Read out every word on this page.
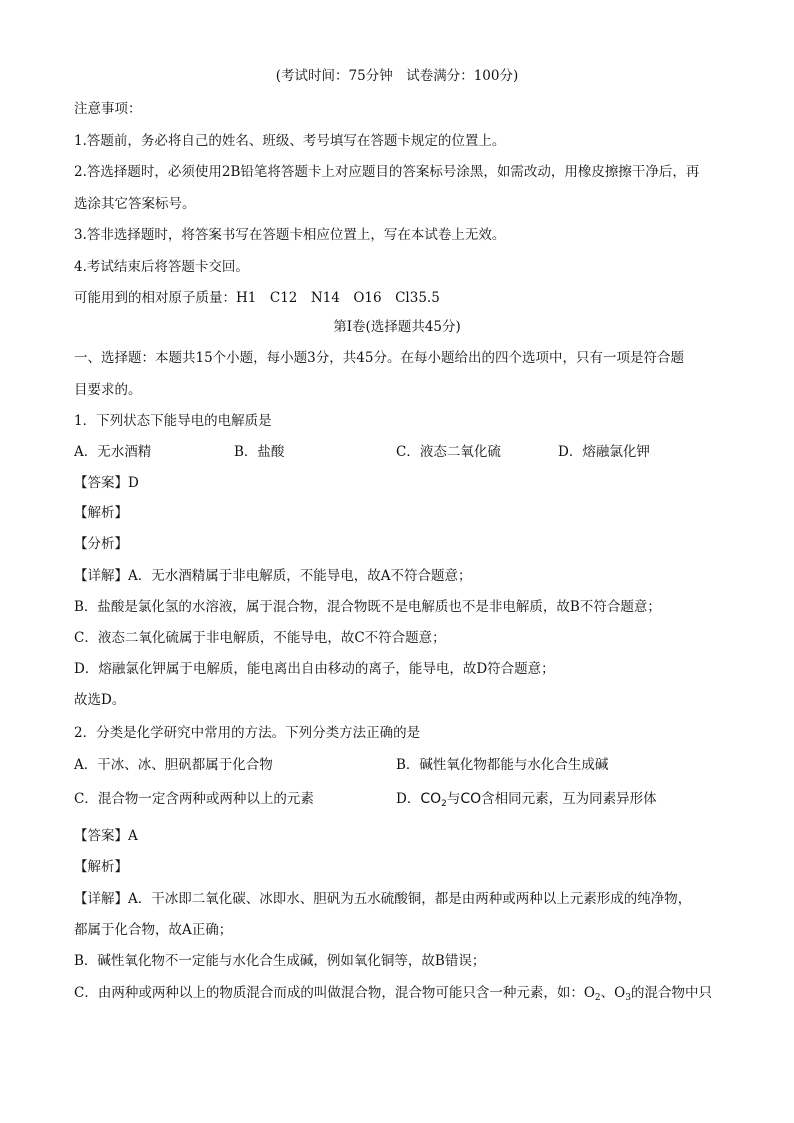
(考试时间：75分钟　试卷满分：100分)
注意事项：
1.答题前，务必将自己的姓名、班级、考号填写在答题卡规定的位置上。
2.答选择题时，必须使用2B铅笔将答题卡上对应题目的答案标号涂黑，如需改动，用橡皮擦擦干净后，再
选涂其它答案标号。
3.答非选择题时，将答案书写在答题卡相应位置上，写在本试卷上无效。
4.考试结束后将答题卡交回。
可能用到的相对原子质量：H1　C12　N14　O16　Cl35.5
第Ⅰ卷(选择题共45分)
一、选择题：本题共15个小题，每小题3分，共45分。在每小题给出的四个选项中，只有一项是符合题
目要求的。
1．下列状态下能导电的电解质是
A．无水酒精	B．盐酸	C．液态二氧化硫	D．熔融氯化钾
【答案】D
【解析】
【分析】
【详解】A．无水酒精属于非电解质，不能导电，故A不符合题意；
B．盐酸是氯化氢的水溶液，属于混合物，混合物既不是电解质也不是非电解质，故B不符合题意；
C．液态二氧化硫属于非电解质，不能导电，故C不符合题意；
D．熔融氯化钾属于电解质，能电离出自由移动的离子，能导电，故D符合题意；
故选D。
2．分类是化学研究中常用的方法。下列分类方法正确的是
A．干冰、冰、胆矾都属于化合物	B．碱性氧化物都能与水化合生成碱
C．混合物一定含两种或两种以上的元素	D．$CO_2$与CO含相同元素，互为同素异形体
【答案】A
【解析】
【详解】A．干冰即二氧化碳、冰即水、胆矾为五水硫酸铜，都是由两种或两种以上元素形成的纯净物，
都属于化合物，故A正确；
B．碱性氧化物不一定能与水化合生成碱，例如氧化铜等，故B错误；
C．由两种或两种以上的物质混合而成的叫做混合物，混合物可能只含一种元素，如：$O_2$、$O_3$的混合物中只
